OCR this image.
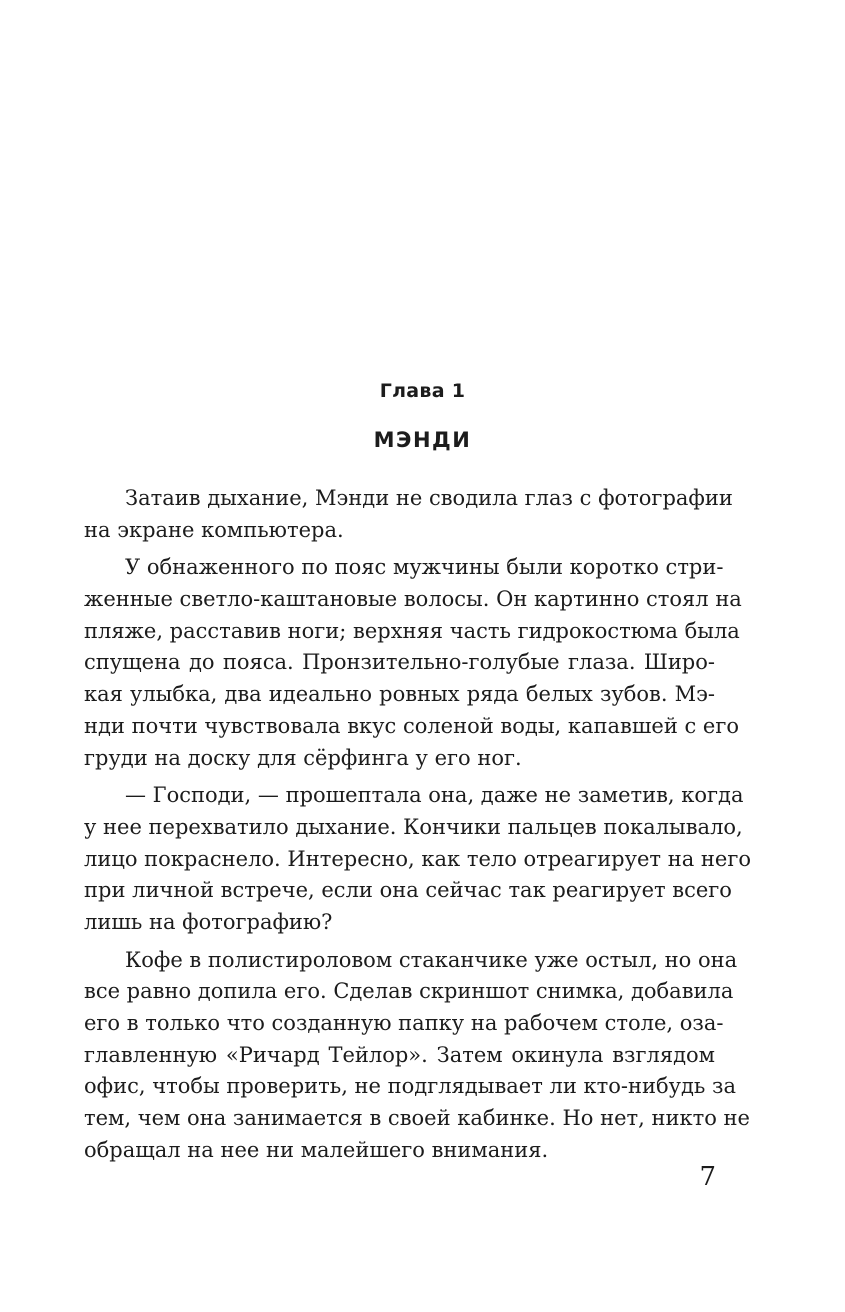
Глава 1
МЭНДИ
Затаив дыхание, Мэнди не сводила глаз с фотографии
на экране компьютера.
У обнаженного по пояс мужчины были коротко стри-
женные светло-каштановые волосы. Он картинно стоял на
пляже, расставив ноги; верхняя часть гидрокостюма была
спущена до пояса. Пронзительно-голубые глаза. Широ-
кая улыбка, два идеально ровных ряда белых зубов. Мэ-
нди почти чувствовала вкус соленой воды, капавшей с его
груди на доску для сёрфинга у его ног.
— Господи, — прошептала она, даже не заметив, когда
у нее перехватило дыхание. Кончики пальцев покалывало,
лицо покраснело. Интересно, как тело отреагирует на него
при личной встрече, если она сейчас так реагирует всего
лишь на фотографию?
Кофе в полистироловом стаканчике уже остыл, но она
все равно допила его. Сделав скриншот снимка, добавила
его в только что созданную папку на рабочем столе, оза-
главленную «Ричард Тейлор». Затем окинула взглядом
офис, чтобы проверить, не подглядывает ли кто-нибудь за
тем, чем она занимается в своей кабинке. Но нет, никто не
обращал на нее ни малейшего внимания.
7
